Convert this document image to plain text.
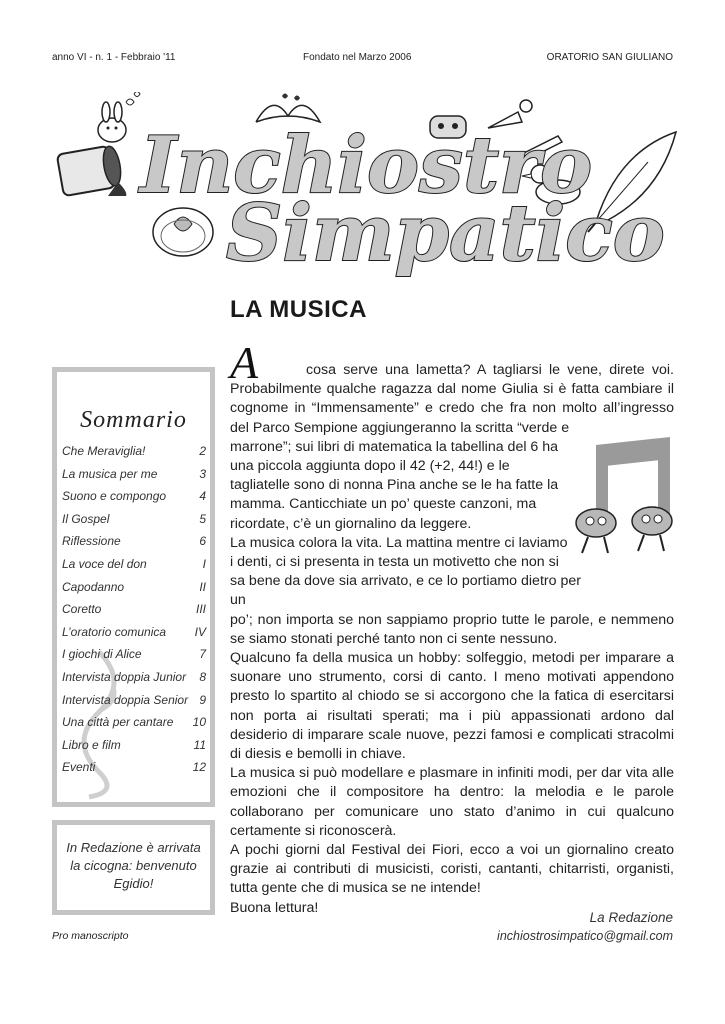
anno VI - n. 1 - Febbraio '11	Fondato nel Marzo 2006	ORATORIO SAN GIULIANO
Inchiostro
Simpatico
LA MUSICA
A	cosa serve una lametta? A tagliarsi le vene, direte voi. Probabilmente qualche ragazza dal nome Giulia si è fatta cambiare il cognome in “Immensamente” e credo che fra non molto all’ingresso del Parco Sempione aggiungeranno la scritta “verde e

marrone”; sui libri di matematica la tabellina del 6 ha una piccola aggiunta dopo il 42 (+2, 44!) e le tagliatelle sono di nonna Pina anche se le ha fatte la mamma. Canticchiate un po’ queste canzoni, ma ricordate, c’è un giornalino da leggere.

La musica colora la vita. La mattina mentre ci laviamo i denti, ci si presenta in testa un motivetto che non si

sa bene da dove sia arrivato, e ce lo portiamo dietro per un

po’; non importa se non sappiamo proprio tutte le parole, e nemmeno se siamo stonati perché tanto non ci sente nessuno.

Qualcuno fa della musica un hobby: solfeggio, metodi per imparare a suonare uno strumento, corsi di canto. I meno motivati appendono presto lo spartito al chiodo se si accorgono che la fatica di esercitarsi non porta ai risultati sperati; ma i più appassionati ardono dal desiderio di imparare scale nuove, pezzi famosi e complicati stracolmi di diesis e bemolli in chiave.

La musica si può modellare e plasmare in infiniti modi, per dar vita alle emozioni che il compositore ha dentro: la melodia e le parole collaborano per comunicare uno stato d’animo in cui qualcuno certamente si riconoscerà.

A pochi giorni dal Festival dei Fiori, ecco a voi un giornalino creato grazie ai contributi di musicisti, coristi, cantanti, chitarristi, organisti, tutta gente che di musica se ne intende!

Buona lettura!

Sommario
Che Meraviglia!	2
La musica per me	3
Suono e compongo	4
Il Gospel	5
Riflessione	6
La voce del don	I
Capodanno	II
Coretto	III
L’oratorio comunica IV
I giochi di Alice	7
Intervista doppia Junior 8
Intervista doppia Senior 9
Una città per cantare 10
Libro e film	11
Eventi	12
In Redazione è arrivata
la cicogna: benvenuto
Egidio!
La Redazione
inchiostrosimpatico@gmail.com
Pro manoscripto
